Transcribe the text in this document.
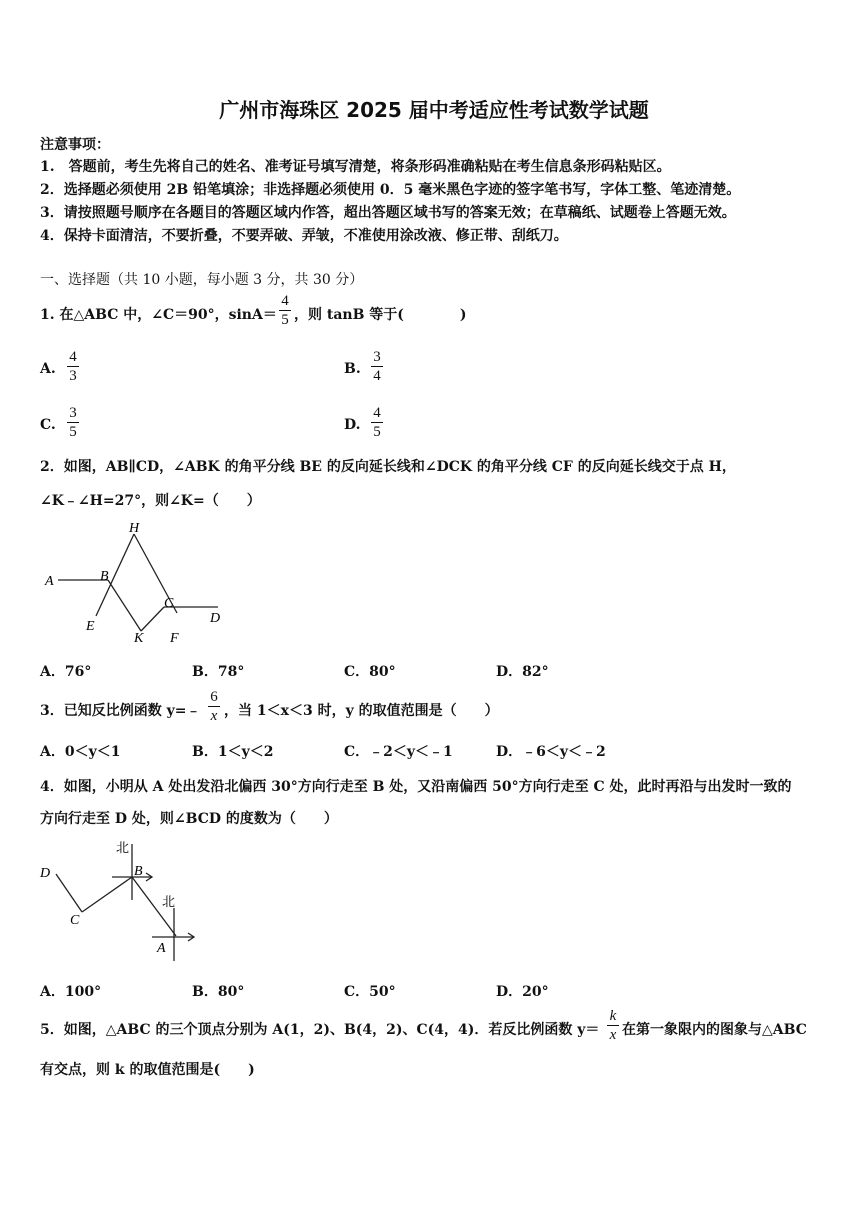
广州市海珠区 2025 届中考适应性考试数学试题
注意事项：
1.　答题前，考生先将自己的姓名、准考证号填写清楚，将条形码准确粘贴在考生信息条形码粘贴区。
2．选择题必须使用 2B 铅笔填涂；非选择题必须使用 0．5 毫米黑色字迹的签字笔书写，字体工整、笔迹清楚。
3．请按照题号顺序在各题目的答题区域内作答，超出答题区域书写的答案无效；在草稿纸、试题卷上答题无效。
4．保持卡面清洁，不要折叠，不要弄破、弄皱，不准使用涂改液、修正带、刮纸刀。
一、选择题（共 10 小题，每小题 3 分，共 30 分）
1. 在△ABC 中，∠C＝90°，sinA＝
4
5 ，则 tanB 等于(　　　　)
A.
4
3	B.
3
4
C.
3
5	D.
4
5
2．如图，AB∥CD，∠ABK 的角平分线 BE 的反向延长线和∠DCK 的角平分线 CF 的反向延长线交于点 H，
∠K﹣∠H=27°，则∠K=（　　）
H
A	B
C
D
E
K F
A．76°	B．78°	C．80°	D．82°
3．已知反比例函数 y=﹣
6
x ，当 1＜x＜3 时，y 的取值范围是（　　）
A．0＜y＜1	B．1＜y＜2	C．﹣2＜y＜﹣1	D．﹣6＜y＜﹣2
4．如图，小明从 A 处出发沿北偏西 30°方向行走至 B 处，又沿南偏西 50°方向行走至 C 处，此时再沿与出发时一致的
方向行走至 D 处，则∠BCD 的度数为（　　）
北
B
D
北
C
A
A．100°	B．80°	C．50°	D．20°
5．如图，△ABC 的三个顶点分别为 A(1，2)、B(4，2)、C(4，4)．若反比例函数 y＝
k
x 在第一象限内的图象与△ABC
有交点，则 k 的取值范围是(　　)
